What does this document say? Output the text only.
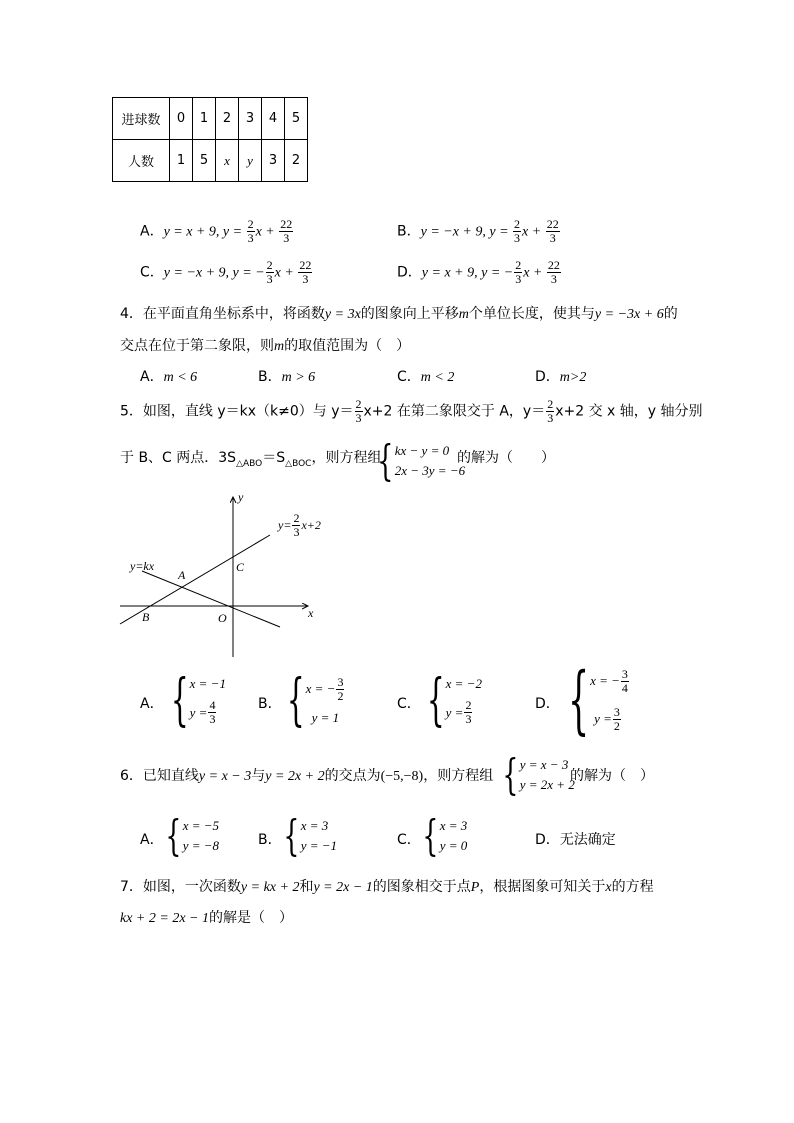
进球数	0	1	2	3	4	5
人数	1	5	x	y	3	2
A．y = x + 9, $y = \frac{2}{3}$ $x + \frac{22}{3}$	B．y = −x + 9, $y = \frac{2}{3}$ $x + \frac{22}{3}$
C．y = −x + 9, y = − $\frac{2}{3}$ $x + \frac{22}{3}$	D．y = x + 9, y = − $\frac{2}{3}$ $x + \frac{22}{3}$
4．在平面直角坐标系中，将函数y = 3x的图象向上平移m个单位长度，使其与y = −3x + 6的
交点在位于第二象限，则m的取值范围为（　）
A．m < 6	B．m > 6	C．m < 2	D．m>2
5．如图，直线 y＝kx（k≠0）与 $y= \frac{2}{3} x+2$ 在第二象限交于 A，$y= \frac{2}{3} x+2$ 交 x 轴，y 轴分别
于 B、C 两点．$3S_{\triangle ABO}=S_{\triangle BOC}$，则方程组
{ kx − y = 0
2x − 3y = −6
的解为（　　）
y
x
y=kx
A
B
C
O
$y= \frac{2}{3} x+2$
A． { x = −1
$y = \frac{4}{3}$	B． { x = − $\frac{3}{2}$
y = 1
C． { x = −2
$y = \frac{2}{3}$	D． { x = − $\frac{3}{4}$
$y = \frac{3}{2}$
6．已知直线y = x − 3与y = 2x + 2的交点为(−5,−8)，则方程组 { y = x − 3
y = 2x + 2
的解为（　）
A． { x = −5
y = −8	B． { x = 3
y = −1	C． { x = 3
y = 0	D．无法确定
7．如图，一次函数y = kx + 2和y = 2x − 1的图象相交于点P，根据图象可知关于x的方程
kx + 2 = 2x − 1的解是（　）
